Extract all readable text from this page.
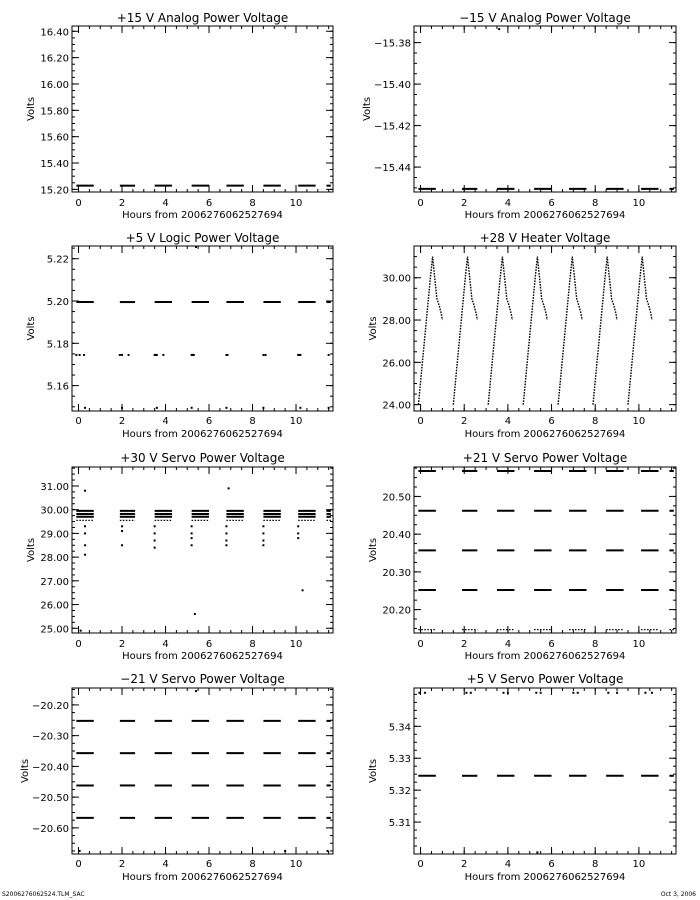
+15 V Analog Power Voltage
0	2	4	6	8	10
15.20
15.40
15.60
15.80
16.00
16.20
16.40
Hours from 2006276062527694
Volts
−15 V Analog Power Voltage
0	2	4	6	8	10
−15.44
−15.42
−15.40
−15.38
Hours from 2006276062527694
Volts
+5 V Logic Power Voltage
0	2	4	6	8	10
5.16
5.18
5.20
5.22
Hours from 2006276062527694
Volts
+28 V Heater Voltage
0	2	4	6	8	10
24.00
26.00
28.00
30.00
Hours from 2006276062527694
Volts
+30 V Servo Power Voltage
0	2	4	6	8	10
25.00
26.00
27.00
28.00
29.00
30.00
31.00
Hours from 2006276062527694
Volts
+21 V Servo Power Voltage
0	2	4	6	8	10
20.20
20.30
20.40
20.50
Hours from 2006276062527694
Volts
−21 V Servo Power Voltage
0	2	4	6	8	10
−20.60
−20.50
−20.40
−20.30
−20.20
Hours from 2006276062527694
Volts
+5 V Servo Power Voltage
0	2	4	6	8	10
5.31
5.32
5.33
5.34
Hours from 2006276062527694
Volts
S2006276062524.TLM_SAC	Oct 3, 2006
